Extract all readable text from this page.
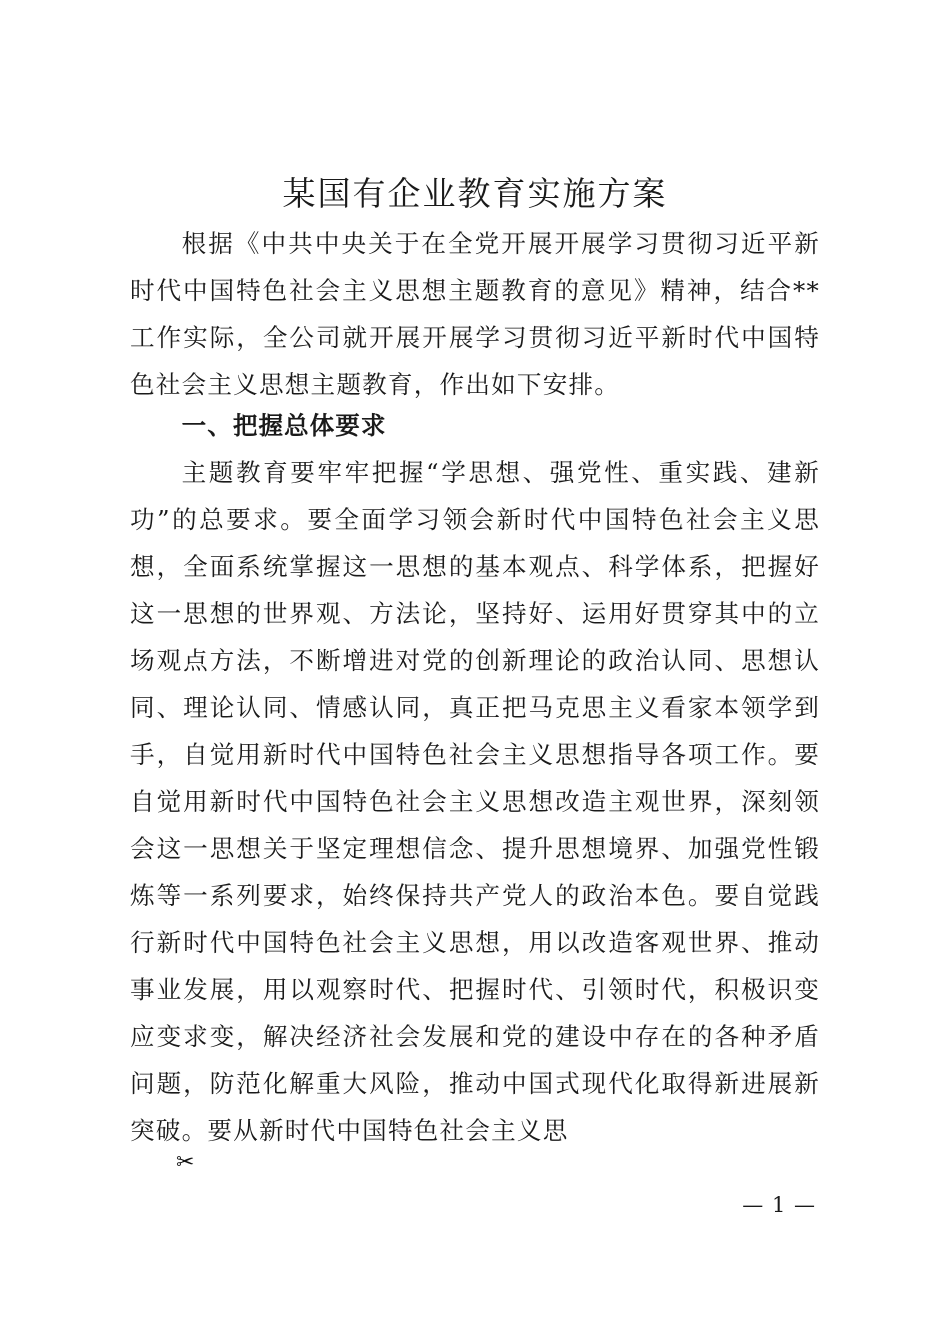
某国有企业教育实施方案

根据《中共中央关于在全党开展开展学习贯彻习近平新时代中国特色社会主义思想主题教育的意见》精神，结合**工作实际，全公司就开展开展学习贯彻习近平新时代中国特色社会主义思想主题教育，作出如下安排。

一、把握总体要求

主题教育要牢牢把握“学思想、强党性、重实践、建新功”的总要求。要全面学习领会新时代中国特色社会主义思想，全面系统掌握这一思想的基本观点、科学体系，把握好这一思想的世界观、方法论，坚持好、运用好贯穿其中的立场观点方法，不断增进对党的创新理论的政治认同、思想认同、理论认同、情感认同，真正把马克思主义看家本领学到手，自觉用新时代中国特色社会主义思想指导各项工作。要自觉用新时代中国特色社会主义思想改造主观世界，深刻领会这一思想关于坚定理想信念、提升思想境界、加强党性锻炼等一系列要求，始终保持共产党人的政治本色。要自觉践行新时代中国特色社会主义思想，用以改造客观世界、推动事业发展，用以观察时代、把握时代、引领时代，积极识变应变求变，解决经济社会发展和党的建设中存在的各种矛盾问题，防范化解重大风险，推动中国式现代化取得新进展新突破。要从新时代中国特色社会主义思

✂
— 1 —
